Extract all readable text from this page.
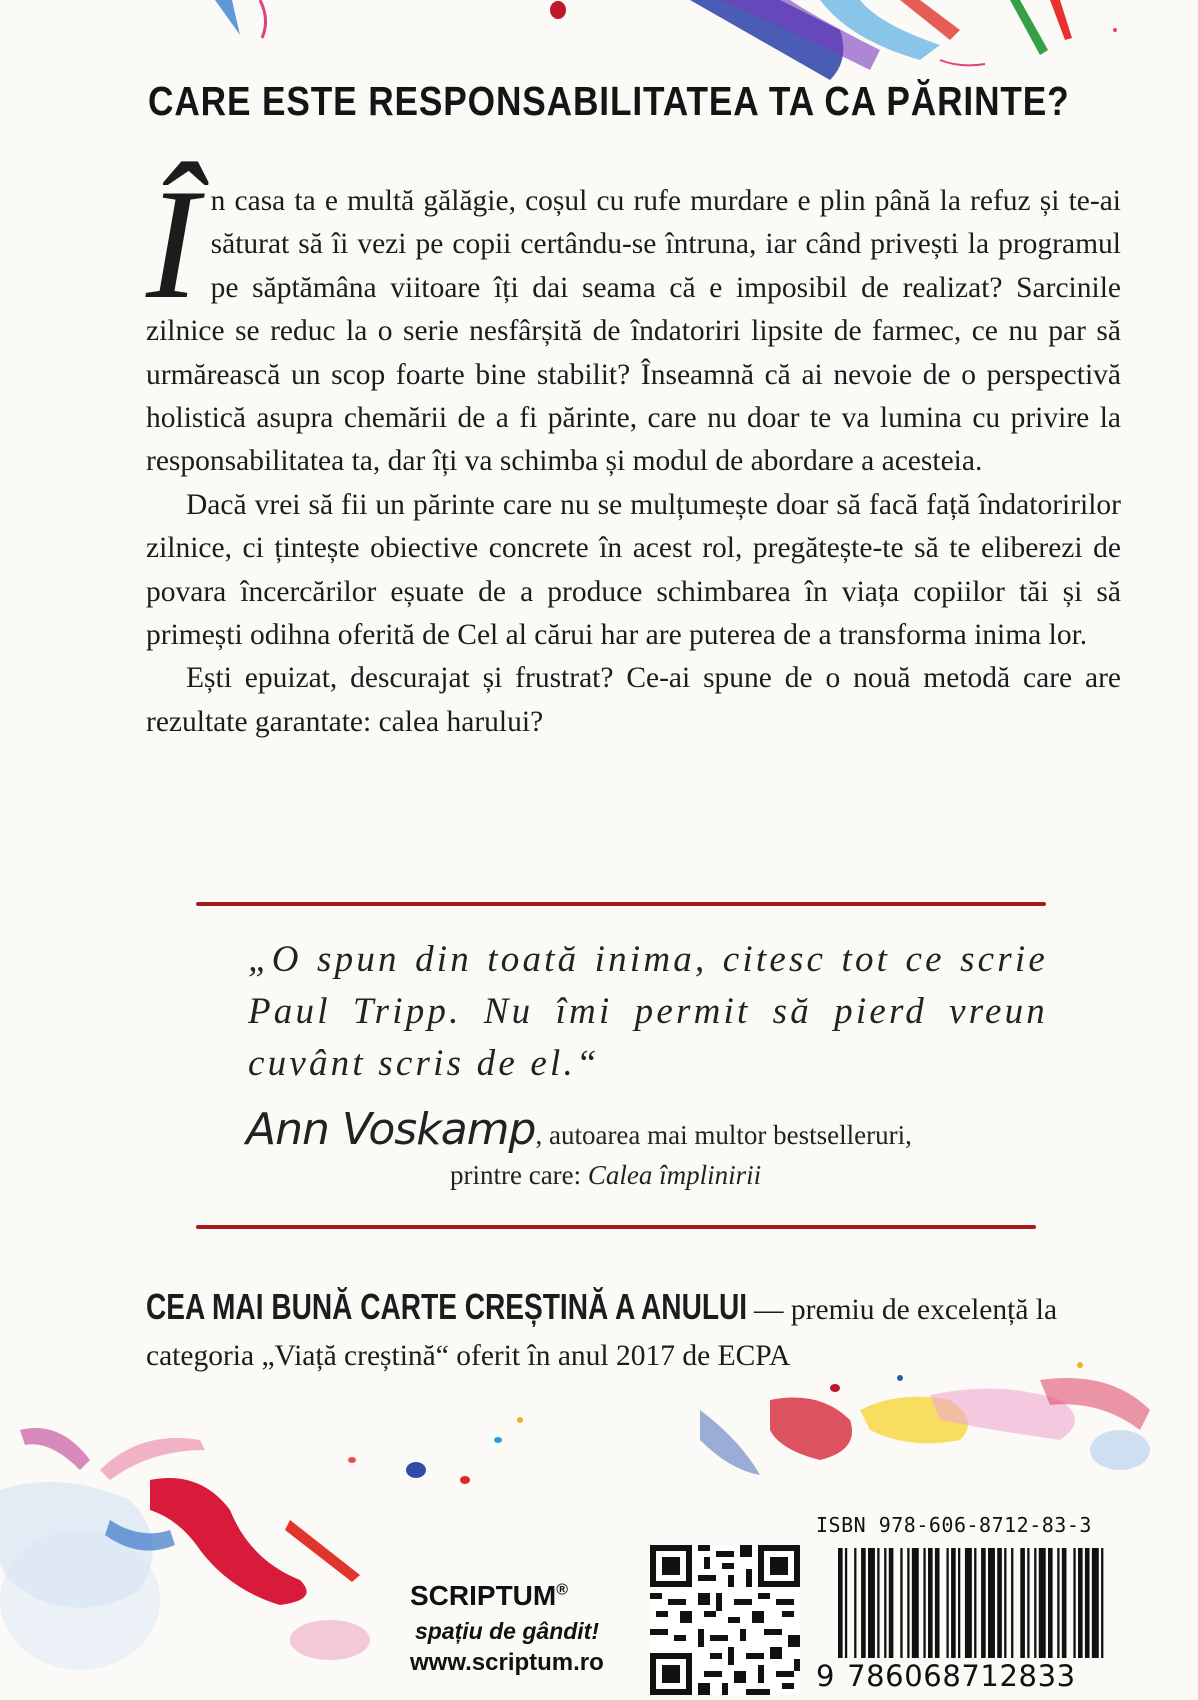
CARE ESTE RESPONSABILITATEA TA CA PĂRINTE?

În casa ta e multă gălăgie, coșul cu rufe murdare e plin până la refuz și te-ai săturat să îi vezi pe copii certându-se întruna, iar când privești la programul pe săptămâna viitoare îți dai seama că e imposibil de realizat? Sarcinile zilnice se reduc la o serie nesfârșită de îndatoriri lipsite de farmec, ce nu par să urmărească un scop foarte bine stabilit? Înseamnă că ai nevoie de o perspectivă holistică asupra chemării de a fi părinte, care nu doar te va lumina cu privire la responsabilitatea ta, dar îți va schimba și modul de abordare a acesteia.

Dacă vrei să fii un părinte care nu se mulțumește doar să facă față îndatoririlor zilnice, ci țintește obiective concrete în acest rol, pregătește-te să te eliberezi de povara încercărilor eșuate de a produce schimbarea în viața copiilor tăi și să primești odihna oferită de Cel al cărui har are puterea de a transforma inima lor.

Ești epuizat, descurajat și frustrat? Ce-ai spune de o nouă metodă care are rezultate garantate: calea harului?

„O spun din toată inima, citesc tot ce scrie Paul Tripp. Nu îmi permit să pierd vreun cuvânt scris de el.“

Ann Voskamp, autoarea mai multor bestselleruri,
printre care: Calea împlinirii
CEA MAI BUNĂ CARTE CREȘTINĂ A ANULUI — premiu de excelență la categoria „Viață creștină“ oferit în anul 2017 de ECPA
SCRIPTUM®
spațiu de gândit!
www.scriptum.ro
ISBN 978-606-8712-83-3
9 786068712833
